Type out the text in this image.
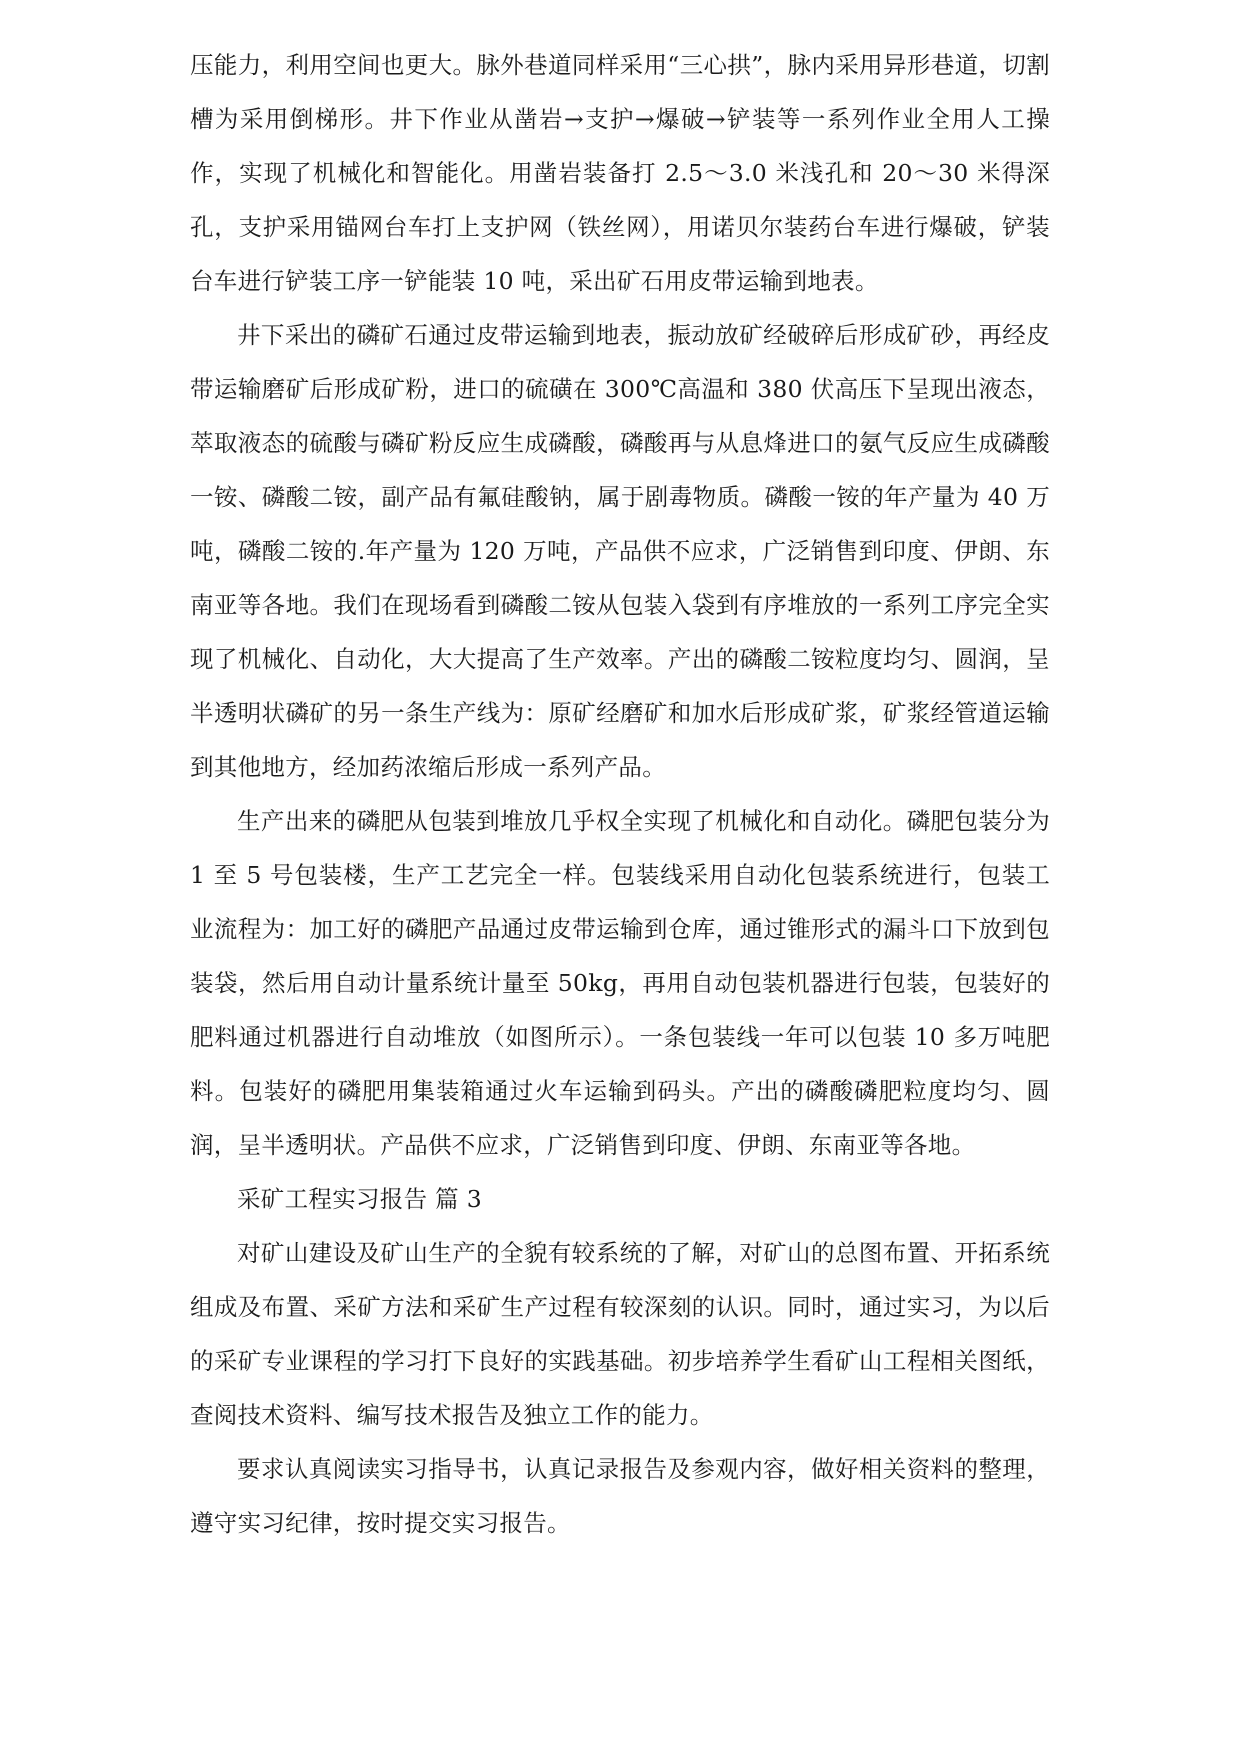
压能力，利用空间也更大。脉外巷道同样采用“三心拱”，脉内采用异形巷道，切割槽为采用倒梯形。井下作业从凿岩→支护→爆破→铲装等一系列作业全用人工操作，实现了机械化和智能化。用凿岩装备打 2.5～3.0 米浅孔和 20～30 米得深孔，支护采用锚网台车打上支护网（铁丝网），用诺贝尔装药台车进行爆破，铲装台车进行铲装工序一铲能装 10 吨，采出矿石用皮带运输到地表。

井下采出的磷矿石通过皮带运输到地表，振动放矿经破碎后形成矿砂，再经皮带运输磨矿后形成矿粉，进口的硫磺在 300℃高温和 380 伏高压下呈现出液态，萃取液态的硫酸与磷矿粉反应生成磷酸，磷酸再与从息烽进口的氨气反应生成磷酸一铵、磷酸二铵，副产品有氟硅酸钠，属于剧毒物质。磷酸一铵的年产量为 40 万吨，磷酸二铵的.年产量为 120 万吨，产品供不应求，广泛销售到印度、伊朗、东南亚等各地。我们在现场看到磷酸二铵从包装入袋到有序堆放的一系列工序完全实现了机械化、自动化，大大提高了生产效率。产出的磷酸二铵粒度均匀、圆润，呈半透明状磷矿的另一条生产线为：原矿经磨矿和加水后形成矿浆，矿浆经管道运输到其他地方，经加药浓缩后形成一系列产品。

生产出来的磷肥从包装到堆放几乎权全实现了机械化和自动化。磷肥包装分为 1 至 5 号包装楼，生产工艺完全一样。包装线采用自动化包装系统进行，包装工业流程为：加工好的磷肥产品通过皮带运输到仓库，通过锥形式的漏斗口下放到包装袋，然后用自动计量系统计量至 50kg，再用自动包装机器进行包装，包装好的肥料通过机器进行自动堆放（如图所示）。一条包装线一年可以包装 10 多万吨肥料。包装好的磷肥用集装箱通过火车运输到码头。产出的磷酸磷肥粒度均匀、圆润，呈半透明状。产品供不应求，广泛销售到印度、伊朗、东南亚等各地。

采矿工程实习报告 篇 3

对矿山建设及矿山生产的全貌有较系统的了解，对矿山的总图布置、开拓系统组成及布置、采矿方法和采矿生产过程有较深刻的认识。同时，通过实习，为以后的采矿专业课程的学习打下良好的实践基础。初步培养学生看矿山工程相关图纸，查阅技术资料、编写技术报告及独立工作的能力。

要求认真阅读实习指导书，认真记录报告及参观内容，做好相关资料的整理，遵守实习纪律，按时提交实习报告。
